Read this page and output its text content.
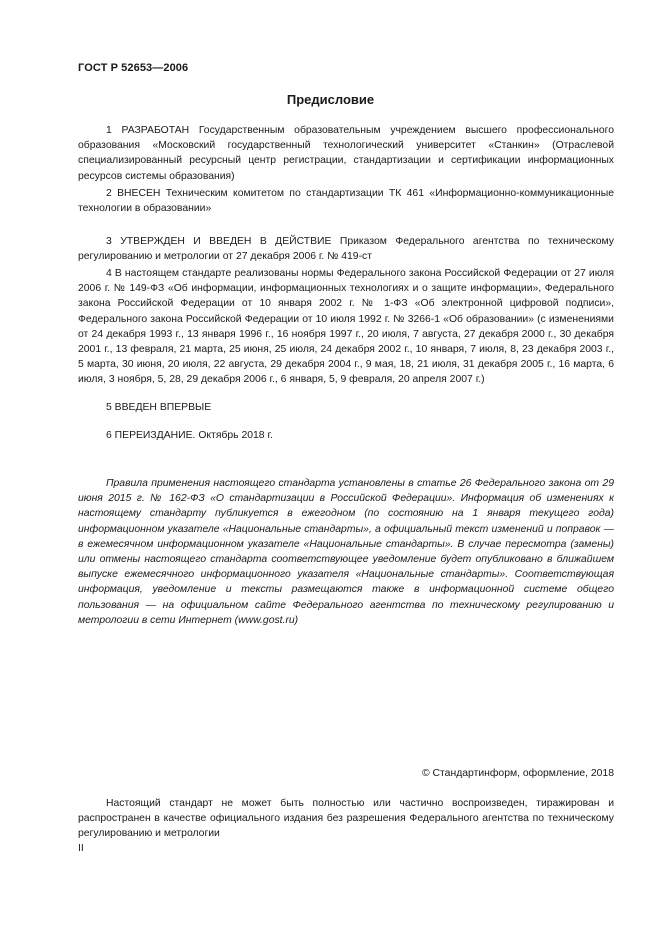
ГОСТ Р 52653—2006
Предисловие

1 РАЗРАБОТАН Государственным образовательным учреждением высшего профессионального образования «Московский государственный технологический университет «Станкин» (Отраслевой специализированный ресурсный центр регистрации, стандартизации и сертификации информационных ресурсов системы образования)

2 ВНЕСЕН Техническим комитетом по стандартизации ТК 461 «Информационно-коммуникационные технологии в образовании»

3 УТВЕРЖДЕН И ВВЕДЕН В ДЕЙСТВИЕ Приказом Федерального агентства по техническому регулированию и метрологии от 27 декабря 2006 г. № 419-ст

4 В настоящем стандарте реализованы нормы Федерального закона Российской Федерации от 27 июля 2006 г. № 149-ФЗ «Об информации, информационных технологиях и о защите информации», Федерального закона Российской Федерации от 10 января 2002 г. № 1-ФЗ «Об электронной цифровой подписи», Федерального закона Российской Федерации от 10 июля 1992 г. № 3266-1 «Об образовании» (с изменениями от 24 декабря 1993 г., 13 января 1996 г., 16 ноября 1997 г., 20 июля, 7 августа, 27 декабря 2000 г., 30 декабря 2001 г., 13 февраля, 21 марта, 25 июня, 25 июля, 24 декабря 2002 г., 10 января, 7 июля, 8, 23 декабря 2003 г., 5 марта, 30 июня, 20 июля, 22 августа, 29 декабря 2004 г., 9 мая, 18, 21 июля, 31 декабря 2005 г., 16 марта, 6 июля, 3 ноября, 5, 28, 29 декабря 2006 г., 6 января, 5, 9 февраля, 20 апреля 2007 г.)

5 ВВЕДЕН ВПЕРВЫЕ

6 ПЕРЕИЗДАНИЕ. Октябрь 2018 г.

Правила применения настоящего стандарта установлены в статье 26 Федерального закона от 29 июня 2015 г. № 162-ФЗ «О стандартизации в Российской Федерации». Информация об изменениях к настоящему стандарту публикуется в ежегодном (по состоянию на 1 января текущего года) информационном указателе «Национальные стандарты», а официальный текст изменений и поправок — в ежемесячном информационном указателе «Национальные стандарты». В случае пересмотра (замены) или отмены настоящего стандарта соответствующее уведомление будет опубликовано в ближайшем выпуске ежемесячного информационного указателя «Национальные стандарты». Соответствующая информация, уведомление и тексты размещаются также в информационной системе общего пользования — на официальном сайте Федерального агентства по техническому регулированию и метрологии в сети Интернет (www.gost.ru)

© Стандартинформ, оформление, 2018

Настоящий стандарт не может быть полностью или частично воспроизведен, тиражирован и распространен в качестве официального издания без разрешения Федерального агентства по техническому регулированию и метрологии

II
